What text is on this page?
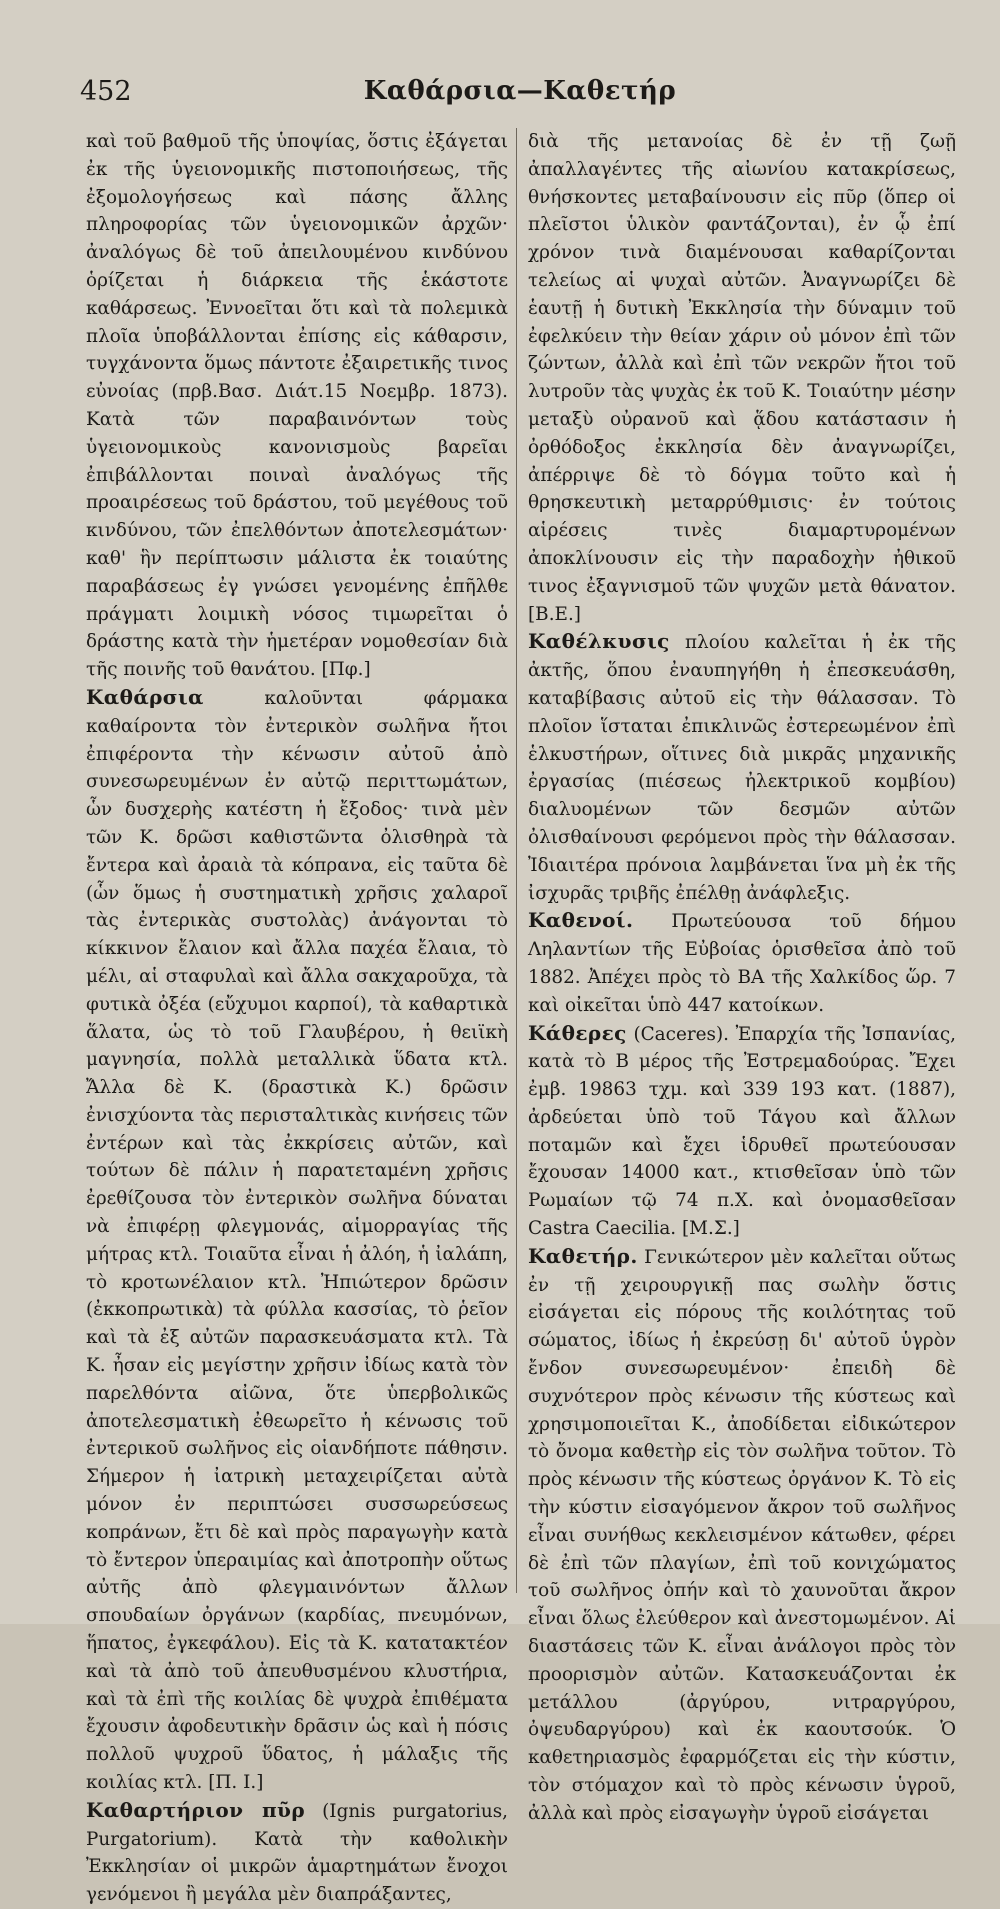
452	Καθάρσια—Καθετήρ

καὶ τοῦ βαθμοῦ τῆς ὑποψίας, ὅστις ἐξάγεται ἐκ τῆς ὑγειονομικῆς πιστοποιήσεως, τῆς ἐξομολογήσεως καὶ πάσης ἄλλης πληροφορίας τῶν ὑγειονομικῶν ἀρχῶν· ἀναλόγως δὲ τοῦ ἀπειλουμένου κινδύνου ὁρίζεται ἡ διάρκεια τῆς ἑκάστοτε καθάρσεως. Ἐννοεῖται ὅτι καὶ τὰ πολεμικὰ πλοῖα ὑποβάλλονται ἐπίσης εἰς κάθαρσιν, τυγχάνοντα ὅμως πάντοτε ἐξαιρετικῆς τινος εὐνοίας (πρβ.Βασ. Διάτ.15 Νοεμβρ. 1873). Κατὰ τῶν παραβαινόντων τοὺς ὑγειονομικοὺς κανονισμοὺς βαρεῖαι ἐπιβάλλονται ποιναὶ ἀναλόγως τῆς προαιρέσεως τοῦ δράστου, τοῦ μεγέθους τοῦ κινδύνου, τῶν ἐπελθόντων ἀποτελεσμάτων· καθ' ἣν περίπτωσιν μάλιστα ἐκ τοιαύτης παραβάσεως ἐγ γνώσει γενομένης ἐπῆλθε πράγματι λοιμικὴ νόσος τιμωρεῖται ὁ δράστης κατὰ τὴν ἡμετέραν νομοθεσίαν διὰ τῆς ποινῆς τοῦ θανάτου. [Πφ.]

Καθάρσια	καλοῦνται φάρμακα καθαίροντα τὸν ἐντερικὸν σωλῆνα ἤτοι ἐπιφέροντα τὴν κένωσιν αὐτοῦ ἀπὸ συνεσωρευμένων ἐν αὐτῷ περιττωμάτων, ὧν δυσχερὴς κατέστη ἡ ἔξοδος· τινὰ μὲν τῶν Κ. δρῶσι καθιστῶντα ὀλισθηρὰ τὰ ἔντερα καὶ ἀραιὰ τὰ κόπρανα, εἰς ταῦτα δὲ (ὧν ὅμως ἡ συστηματικὴ χρῆσις χαλαροῖ τὰς ἐντερικὰς συστολὰς) ἀνάγονται τὸ κίκκινον ἔλαιον καὶ ἄλλα παχέα ἔλαια, τὸ μέλι, αἱ σταφυλαὶ καὶ ἄλλα σακχαροῦχα, τὰ φυτικὰ ὀξέα (εὔχυμοι καρποί), τὰ καθαρτικὰ ἅλατα, ὡς τὸ τοῦ Γλαυβέρου, ἡ θειϊκὴ μαγνησία, πολλὰ μεταλλικὰ ὕδατα κτλ. Ἄλλα δὲ Κ. (δραστικὰ Κ.) δρῶσιν ἐνισχύοντα τὰς περισταλτικὰς κινήσεις τῶν ἐντέρων καὶ τὰς ἐκκρίσεις αὐτῶν, καὶ τούτων δὲ πάλιν ἡ παρατεταμένη χρῆσις ἐρεθίζουσα τὸν ἐντερικὸν σωλῆνα δύναται νὰ ἐπιφέρῃ φλεγμονάς, αἱμορραγίας τῆς μήτρας κτλ. Τοιαῦτα εἶναι ἡ ἀλόη, ἡ ἰαλάπη, τὸ κροτωνέλαιον κτλ. Ἠπιώτερον δρῶσιν (ἐκκοπρωτικὰ) τὰ φύλλα κασσίας, τὸ ῥεῖον καὶ τὰ ἐξ αὐτῶν παρασκευάσματα κτλ. Τὰ Κ. ἦσαν εἰς μεγίστην χρῆσιν ἰδίως κατὰ τὸν παρελθόντα αἰῶνα, ὅτε ὑπερβολικῶς ἀποτελεσματικὴ ἐθεωρεῖτο ἡ κένωσις τοῦ ἐντερικοῦ σωλῆνος εἰς οἱανδήποτε πάθησιν. Σήμερον ἡ ἰατρικὴ μεταχειρίζεται αὐτὰ μόνον ἐν περιπτώσει συσσωρεύσεως κοπράνων, ἔτι δὲ καὶ πρὸς παραγωγὴν κατὰ τὸ ἔντερον ὑπεραιμίας καὶ ἀποτροπὴν οὕτως αὐτῆς ἀπὸ φλεγμαινόντων ἄλλων σπουδαίων ὀργάνων (καρδίας, πνευμόνων, ἥπατος, ἐγκεφάλου). Εἰς τὰ Κ. κατατακτέον καὶ τὰ ἀπὸ τοῦ ἀπευθυσμένου κλυστήρια, καὶ τὰ ἐπὶ τῆς κοιλίας δὲ ψυχρὰ ἐπιθέματα ἔχουσιν ἀφοδευτικὴν δρᾶσιν ὡς καὶ ἡ πόσις πολλοῦ ψυχροῦ ὕδατος, ἡ μάλαξις τῆς κοιλίας κτλ. [Π. Ι.]

Καθαρτήριον πῦρ (Ignis purgatorius, Purgatorium). Κατὰ τὴν καθολικὴν Ἐκκλησίαν οἱ μικρῶν ἁμαρτημάτων ἔνοχοι γενόμενοι ἢ μεγάλα μὲν διαπράξαντες,

διὰ τῆς μετανοίας δὲ ἐν τῇ ζωῇ ἀπαλλαγέντες τῆς αἰωνίου κατακρίσεως, θνήσκοντες μεταβαίνουσιν εἰς πῦρ (ὅπερ οἱ πλεῖστοι ὑλικὸν φαντάζονται), ἐν ᾧ ἐπί χρόνον τινὰ διαμένουσαι καθαρίζονται τελείως αἱ ψυχαὶ αὐτῶν. Ἀναγνωρίζει δὲ ἑαυτῇ ἡ δυτικὴ Ἐκκλησία τὴν δύναμιν τοῦ ἐφελκύειν τὴν θείαν χάριν οὐ μόνον ἐπὶ τῶν ζώντων, ἀλλὰ καὶ ἐπὶ τῶν νεκρῶν ἤτοι τοῦ λυτροῦν τὰς ψυχὰς ἐκ τοῦ Κ. Τοιαύτην μέσην μεταξὺ οὐρανοῦ καὶ ᾅδου κατάστασιν ἡ ὀρθόδοξος ἐκκλησία δὲν ἀναγνωρίζει, ἀπέρριψε δὲ τὸ δόγμα τοῦτο καὶ ἡ θρησκευτικὴ μεταρρύθμισις· ἐν τούτοις αἱρέσεις τινὲς διαμαρτυρομένων ἀποκλίνουσιν εἰς τὴν παραδοχὴν ἠθικοῦ τινος ἐξαγνισμοῦ τῶν ψυχῶν μετὰ θάνατον. [Β.Ε.]

Καθέλκυσις πλοίου καλεῖται ἡ ἐκ τῆς ἀκτῆς, ὅπου ἐναυπηγήθη ἡ ἐπεσκευάσθη, καταβίβασις αὐτοῦ εἰς τὴν θάλασσαν. Τὸ πλοῖον ἵσταται ἐπικλινῶς ἐστερεωμένον ἐπὶ ἑλκυστήρων, οἵτινες διὰ μικρᾶς μηχανικῆς ἐργασίας (πιέσεως ἠλεκτρικοῦ κομβίου) διαλυομένων τῶν δεσμῶν αὐτῶν ὀλισθαίνουσι φερόμενοι πρὸς τὴν θάλασσαν. Ἰδιαιτέρα πρόνοια λαμβάνεται ἵνα μὴ ἐκ τῆς ἰσχυρᾶς τριβῆς ἐπέλθῃ ἀνάφλεξις.

Καθενοί. Πρωτεύουσα τοῦ δήμου Ληλαντίων τῆς Εὐβοίας ὁρισθεῖσα ἀπὸ τοῦ 1882. Ἀπέχει πρὸς τὸ ΒΑ τῆς Χαλκίδος ὥρ. 7 καὶ οἰκεῖται ὑπὸ 447 κατοίκων.

Κάθερες (Caceres). Ἐπαρχία τῆς Ἰσπανίας, κατὰ τὸ Β μέρος τῆς Ἐστρεμαδούρας. Ἔχει ἐμβ. 19863 τχμ. καὶ 339 193 κατ. (1887), ἀρδεύεται ὑπὸ τοῦ Τάγου καὶ ἄλλων ποταμῶν καὶ ἔχει ἱδρυθεῖ πρωτεύουσαν ἔχουσαν 14000 κατ., κτισθεῖσαν ὑπὸ τῶν Ρωμαίων τῷ 74 π.Χ. καὶ ὀνομασθεῖσαν Castra Caecilia. [Μ.Σ.]

Καθετήρ. Γενικώτερον μὲν καλεῖται οὕτως ἐν τῇ χειρουργικῇ πας σωλὴν ὅστις εἰσάγεται εἰς πόρους τῆς κοιλότητας τοῦ σώματος, ἰδίως ἡ ἐκρεύσῃ δι' αὐτοῦ ὑγρὸν ἔνδον συνεσωρευμένον· ἐπειδὴ δὲ συχνότερον πρὸς κένωσιν τῆς κύστεως καὶ χρησιμοποιεῖται Κ., ἀποδίδεται εἰδικώτερον τὸ ὄνομα καθετὴρ εἰς τὸν σωλῆνα τοῦτον. Τὸ πρὸς κένωσιν τῆς κύστεως ὀργάνον Κ. Τὸ εἰς τὴν κύστιν εἰσαγόμενον ἄκρον τοῦ σωλῆνος εἶναι συνήθως κεκλεισμένον κάτωθεν, φέρει δὲ ἐπὶ τῶν πλαγίων, ἐπὶ τοῦ κονιχώματος τοῦ σωλῆνος ὀπήν καὶ τὸ χαυνοῦται ἄκρον εἶναι ὅλως ἐλεύθερον καὶ ἀνεστομωμένον. Αἱ διαστάσεις τῶν Κ. εἶναι ἀνάλογοι πρὸς τὸν προορισμὸν αὐτῶν. Κατασκευάζονται ἐκ μετάλλου (ἀργύρου, νιτραργύρου, ὀψευδαργύρου) καὶ ἐκ καουτσούκ. Ὁ καθετηριασμὸς ἐφαρμόζεται εἰς τὴν κύστιν, τὸν στόμαχον καὶ τὸ πρὸς κένωσιν ὑγροῦ, ἀλλὰ καὶ πρὸς εἰσαγωγὴν ὑγροῦ εἰσάγεται
